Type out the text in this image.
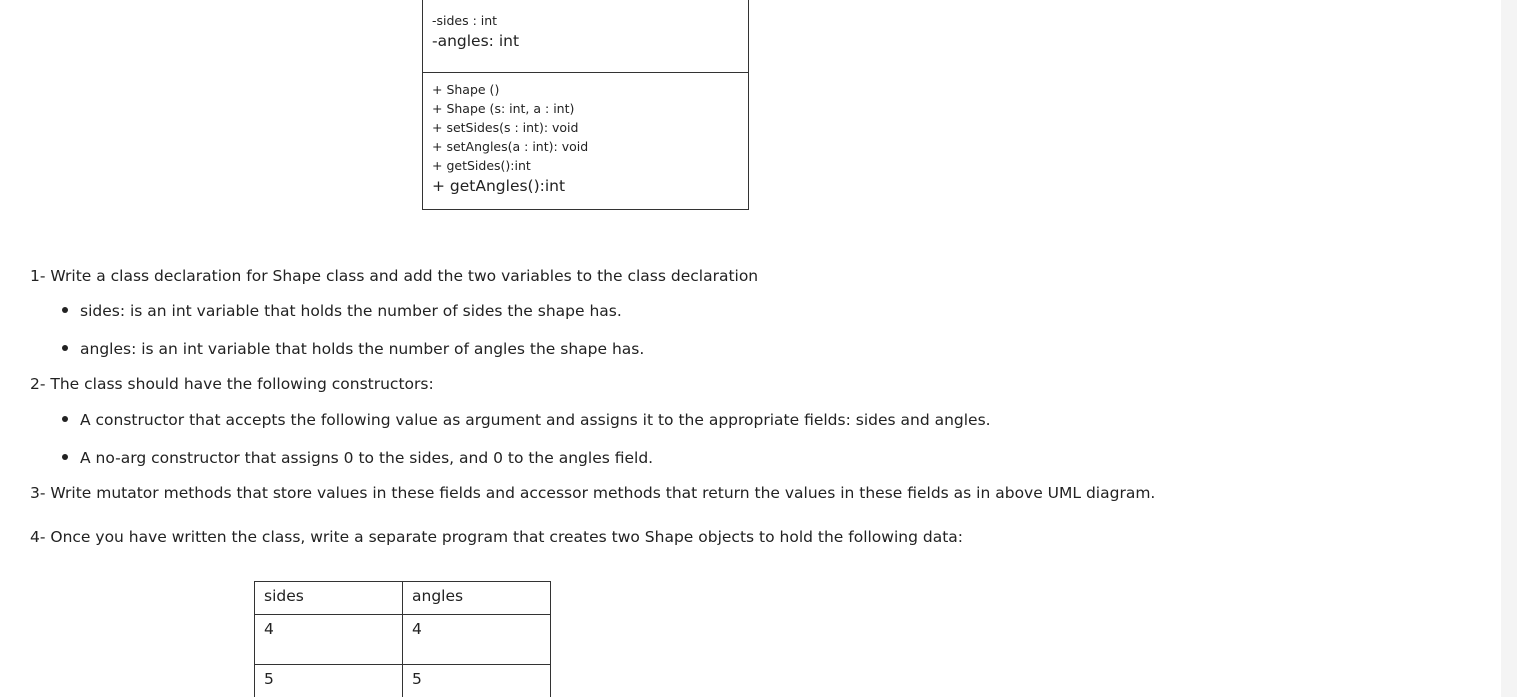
-sides : int
-angles: int
+ Shape ()
+ Shape (s: int, a : int)
+ setSides(s : int): void
+ setAngles(a : int): void
+ getSides():int
+ getAngles():int
1- Write a class declaration for Shape class and add the two variables to the class declaration
sides: is an int variable that holds the number of sides the shape has.
angles: is an int variable that holds the number of angles the shape has.
2- The class should have the following constructors:
A constructor that accepts the following value as argument and assigns it to the appropriate fields: sides and angles.
A no-arg constructor that assigns 0 to the sides, and 0 to the angles field.
3- Write mutator methods that store values in these fields and accessor methods that return the values in these fields as in above UML diagram.
4- Once you have written the class, write a separate program that creates two Shape objects to hold the following data:
sides	angles
4	4
5	5
